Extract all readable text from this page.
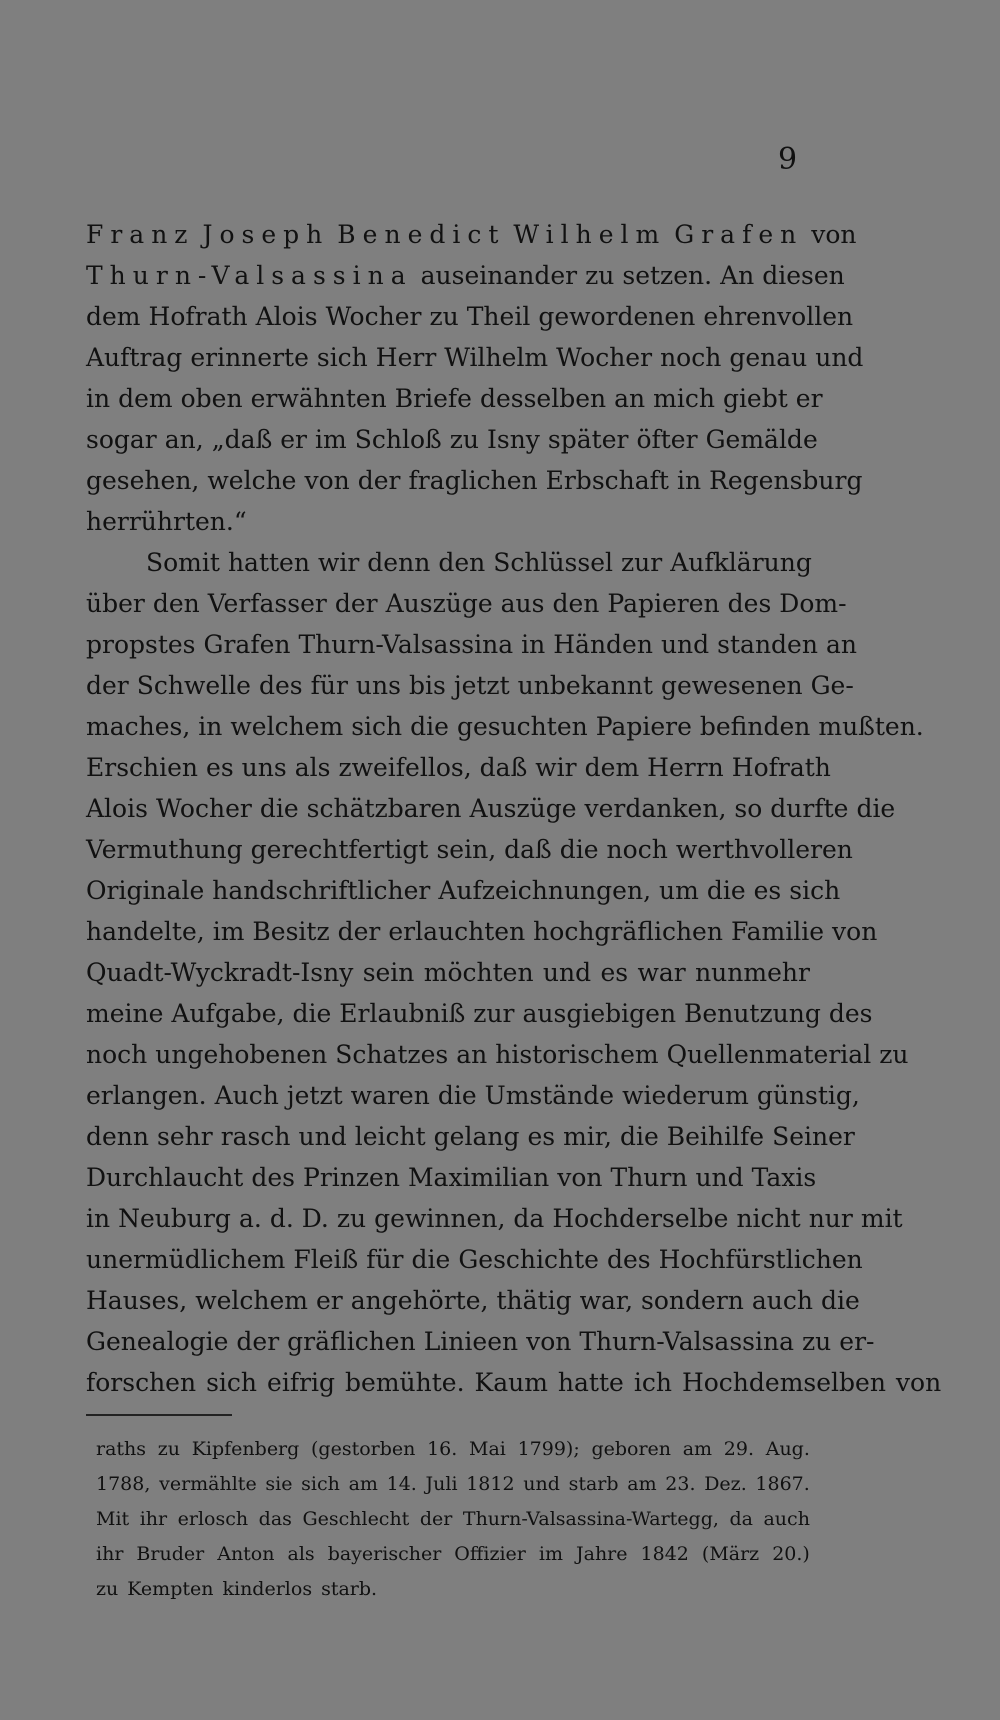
9
Franz Joseph Benedict Wilhelm Grafen von
Thurn-Valsassina auseinander zu setzen. An diesen
dem Hofrath Alois Wocher zu Theil gewordenen ehrenvollen
Auftrag erinnerte sich Herr Wilhelm Wocher noch genau und
in dem oben erwähnten Briefe desselben an mich giebt er
sogar an, „daß er im Schloß zu Isny später öfter Gemälde
gesehen, welche von der fraglichen Erbschaft in Regensburg
herrührten.“
Somit hatten wir denn den Schlüssel zur Aufklärung
über den Verfasser der Auszüge aus den Papieren des Dom-
propstes Grafen Thurn-Valsassina in Händen und standen an
der Schwelle des für uns bis jetzt unbekannt gewesenen Ge-
maches, in welchem sich die gesuchten Papiere befinden mußten.
Erschien es uns als zweifellos, daß wir dem Herrn Hofrath
Alois Wocher die schätzbaren Auszüge verdanken, so durfte die
Vermuthung gerechtfertigt sein, daß die noch werthvolleren
Originale handschriftlicher Aufzeichnungen, um die es sich
handelte, im Besitz der erlauchten hochgräflichen Familie von
Quadt-Wyckradt-Isny sein möchten und es war nunmehr
meine Aufgabe, die Erlaubniß zur ausgiebigen Benutzung des
noch ungehobenen Schatzes an historischem Quellenmaterial zu
erlangen. Auch jetzt waren die Umstände wiederum günstig,
denn sehr rasch und leicht gelang es mir, die Beihilfe Seiner
Durchlaucht des Prinzen Maximilian von Thurn und Taxis
in Neuburg a. d. D. zu gewinnen, da Hochderselbe nicht nur mit
unermüdlichem Fleiß für die Geschichte des Hochfürstlichen
Hauses, welchem er angehörte, thätig war, sondern auch die
Genealogie der gräflichen Linieen von Thurn-Valsassina zu er-
forschen sich eifrig bemühte. Kaum hatte ich Hochdemselben von
raths zu Kipfenberg (gestorben 16. Mai 1799); geboren am 29. Aug.
1788, vermählte sie sich am 14. Juli 1812 und starb am 23. Dez. 1867.
Mit ihr erlosch das Geschlecht der Thurn-Valsassina-Wartegg, da auch
ihr Bruder Anton als bayerischer Offizier im Jahre 1842 (März 20.)
zu Kempten kinderlos starb.
